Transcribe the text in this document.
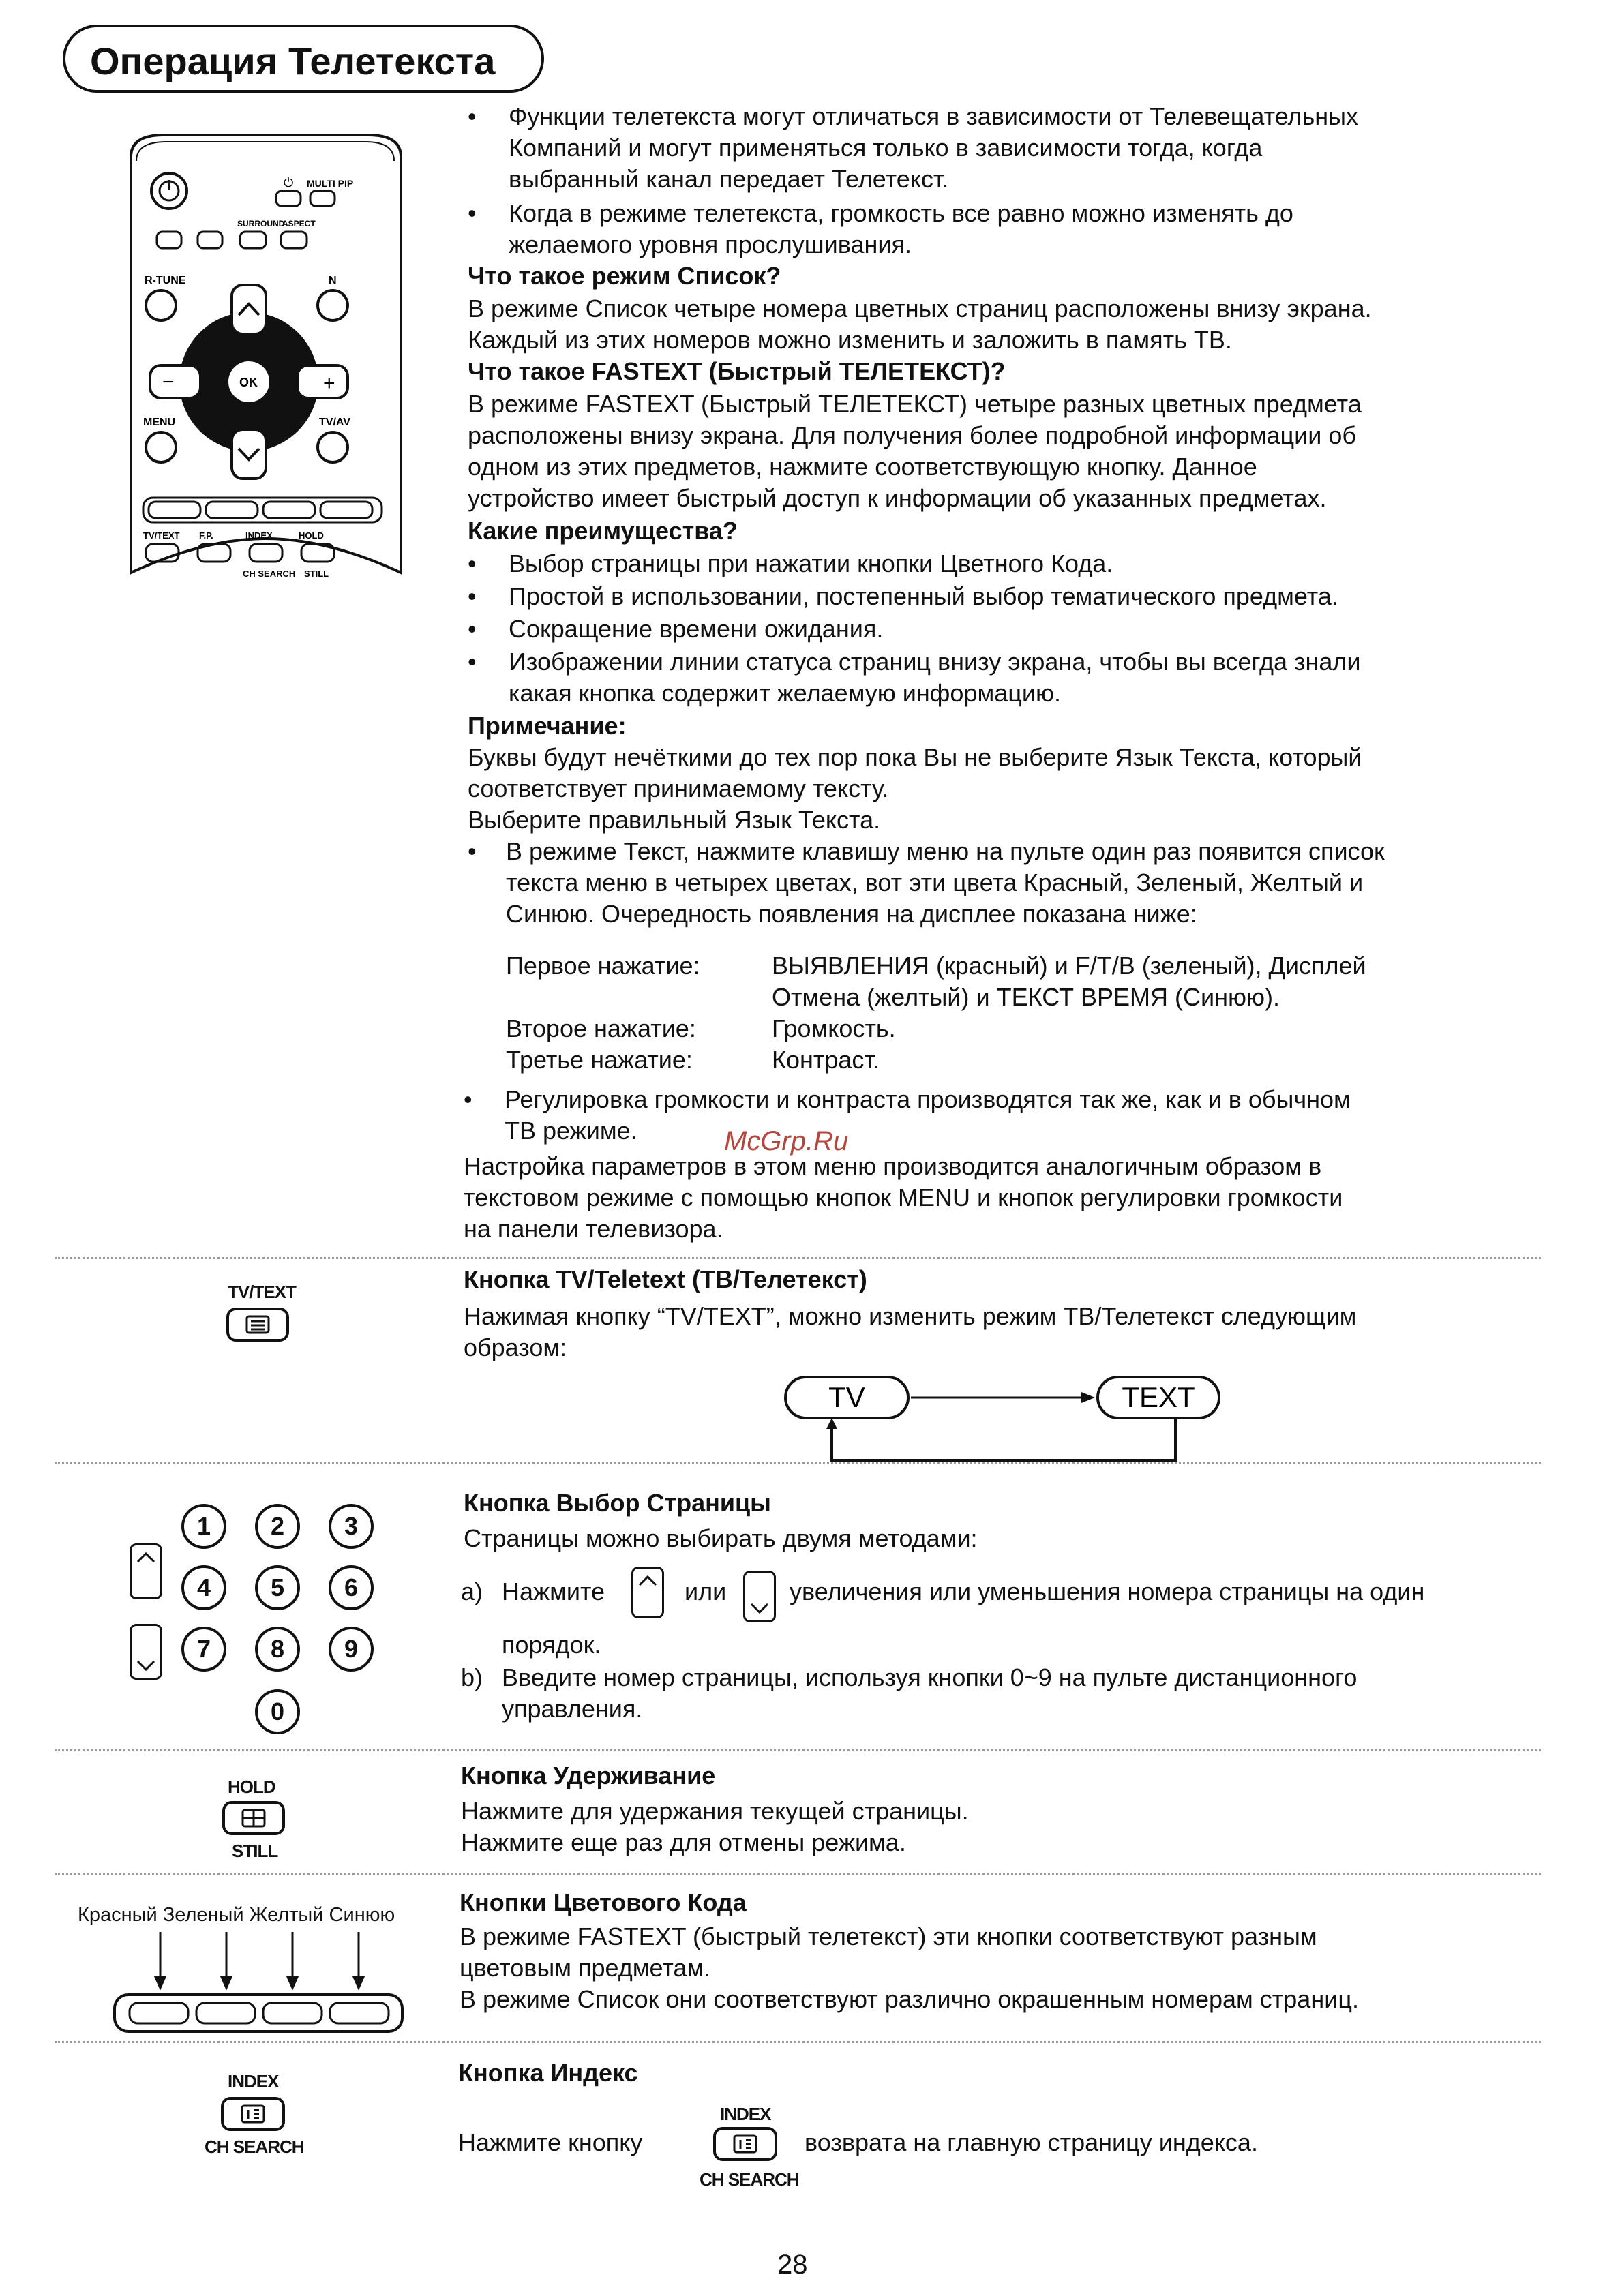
Операция Телетекста
⏻ MULTI PIP
SURROUND
ASPECT
R-TUNE	N
−	+
OK
MENU	TV/AV
TV/TEXT F.P.	INDEX	HOLD
CH SEARCH STILL
• Функции телетекста могут отличаться в зависимости от Телевещательных
Компаний и могут применяться только в зависимости тогда, когда
выбранный канал передает Телетекст.
• Когда в режиме телетекста, громкость все равно можно изменять до
желаемого уровня прослушивания.
Что такое режим Список?
В режиме Список четыре номера цветных страниц расположены внизу экрана.
Каждый из этих номеров можно изменить и заложить в память ТВ.
Что такое FASTEXT (Быстрый ТЕЛЕТЕКСТ)?
В режиме FASTEXT (Быстрый ТЕЛЕТЕКСТ) четыре разных цветных предмета
расположены внизу экрана. Для получения более подробной информации об
одном из этих предметов, нажмите соответствующую кнопку. Данное
устройство имеет быстрый доступ к информации об указанных предметах.
Какие преимущества?
• Выбор страницы при нажатии кнопки Цветного Кода.
• Простой в использовании, постепенный выбор тематического предмета.
• Сокращение времени ожидания.
• Изображении линии статуса страниц внизу экрана, чтобы вы всегда знали
какая кнопка содержит желаемую информацию.
Примечание:
Буквы будут нечёткими до тех пор пока Вы не выберите Язык Текста, который
соответствует принимаемому тексту.
Выберите правильный Язык Текста.
• В режиме Текст, нажмите клавишу меню на пульте один раз появится список
текста меню в четырех цветах, вот эти цвета Красный, Зеленый, Желтый и
Синюю. Очередность появления на дисплее показана ниже:
Первое нажатие:	ВЫЯВЛЕНИЯ (красный) и F/T/B (зеленый), Дисплей
Отмена (желтый) и ТЕКСТ ВРЕМЯ (Синюю).
Второе нажатие:	Громкость.
Третье нажатие:	Контраст.
• Регулировка громкости и контраста производятся так же, как и в обычном
ТВ режиме.	McGrp.Ru
Настройка параметров в этом меню производится аналогичным образом в
текстовом режиме с помощью кнопок MENU и кнопок регулировки громкости
на панели телевизора.
TV/TEXT	Кнопка TV/Teletext (ТВ/Телетекст)
Нажимая кнопку “TV/TEXT”, можно изменить режим ТВ/Телетекст следующим
образом:
TV	TEXT
1	2	3
4	5	6
7	8	9
0
Кнопка Выбор Страницы
Страницы можно выбирать двумя методами:
a) Нажмите	или	увеличения или уменьшения номера страницы на один
порядок.
b) Введите номер страницы, используя кнопки 0~9 на пульте дистанционного
управления.
HOLD
STILL
Кнопка Удерживание
Нажмите для удержания текущей страницы.
Нажмите еще раз для отмены режима.
Красный Зеленый Желтый Синюю	Кнопки Цветового Кода
В режиме FASTEXT (быстрый телетекст) эти кнопки соответствуют разным
цветовым предметам.
В режиме Список они соответствуют различно окрашенным номерам страниц.
INDEX
CH SEARCH
Кнопка Индекс
Нажмите кнопку
INDEX
CH SEARCH
возврата на главную страницу индекса.
28
